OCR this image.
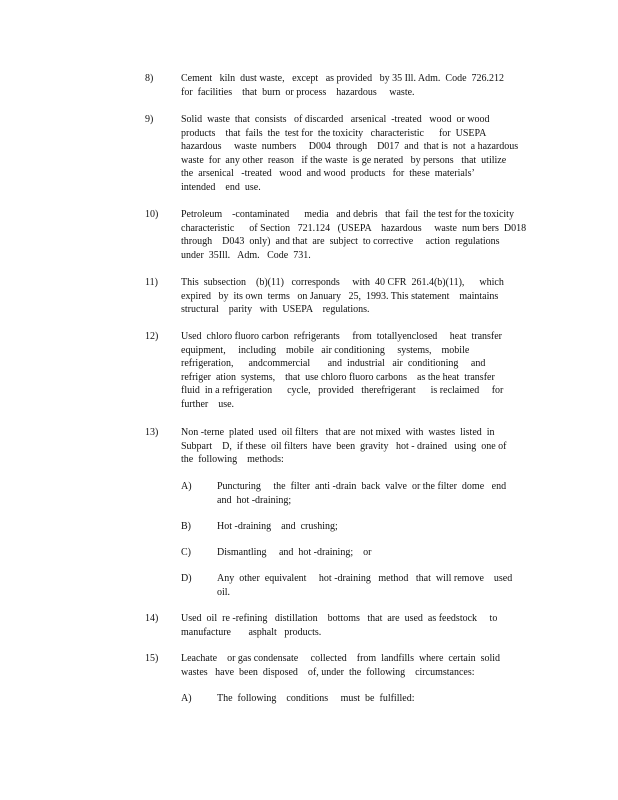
8)	Cement   kiln  dust waste,   except   as provided   by 35 Ill. Adm.  Code  726.212
for  facilities    that  burn  or process    hazardous     waste.
9)	Solid  waste  that  consists   of discarded   arsenical  -treated   wood  or wood
products    that  fails  the  test for  the toxicity   characteristic      for  USEPA
hazardous     waste  numbers     D004  through    D017  and  that is  not  a hazardous
waste  for  any other  reason   if the waste  is ge nerated   by persons   that  utilize
the  arsenical   -treated   wood  and wood  products   for  these  materials’
intended    end  use.
10) Petroleum    -contaminated      media   and debris   that  fail  the test for the toxicity
characteristic      of Section   721.124   (USEPA    hazardous     waste  num bers  D018
through    D043  only)  and that  are  subject  to corrective     action  regulations
under  35Ill.   Adm.   Code  731.
11) This  subsection    (b)(11)   corresponds     with  40 CFR  261.4(b)(11),      which
expired   by  its own  terms   on January   25,  1993. This statement    maintains
structural    parity   with  USEPA    regulations.
12) Used  chloro fluoro carbon  refrigerants     from  totallyenclosed     heat  transfer
equipment,     including    mobile   air conditioning     systems,    mobile
refrigeration,      andcommercial       and  industrial   air  conditioning     and
refriger  ation  systems,    that  use chloro fluoro carbons    as the heat  transfer
fluid  in a refrigeration      cycle,   provided   therefrigerant      is reclaimed     for
further    use.
13) Non -terne  plated  used  oil filters   that are  not mixed  with  wastes  listed  in
Subpart    D,  if these  oil filters  have  been  gravity   hot - drained   using  one of
the  following    methods:
A)	Puncturing     the  filter  anti -drain  back  valve  or the filter  dome   end
and  hot -draining;
B)	Hot -draining    and  crushing;
C)	Dismantling     and  hot -draining;    or
D)	Any  other  equivalent     hot -draining   method   that  will remove    used
oil.
14) Used  oil  re -refining   distillation    bottoms   that  are  used  as feedstock     to
manufacture       asphalt   products.
15) Leachate    or gas condensate     collected    from  landfills  where  certain  solid
wastes   have  been  disposed    of, under  the  following    circumstances:
A)	The  following    conditions     must  be  fulfilled:
